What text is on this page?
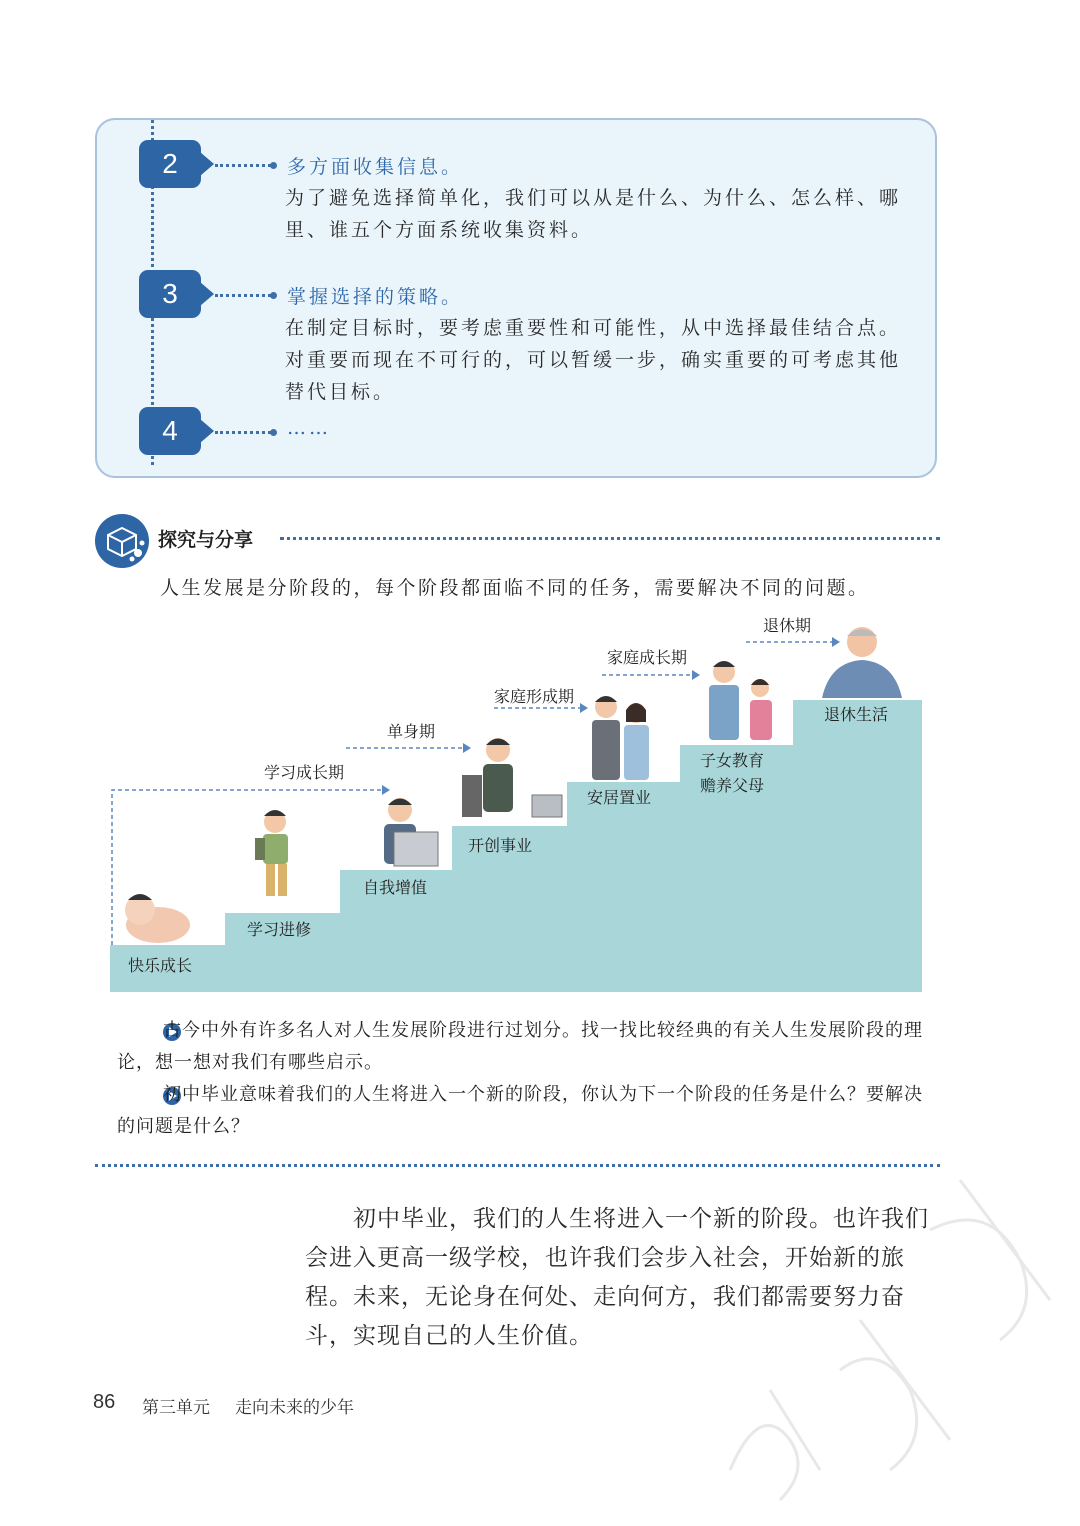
2	多方面收集信息。
为了避免选择简单化，我们可以从是什么、为什么、怎么样、哪里、谁五个方面系统收集资料。
3	掌握选择的策略。
在制定目标时，要考虑重要性和可能性，从中选择最佳结合点。对重要而现在不可行的，可以暂缓一步，确实重要的可考虑其他替代目标。
4	……
探究与分享
人生发展是分阶段的，每个阶段都面临不同的任务，需要解决不同的问题。
学习成长期
单身期
家庭形成期
家庭成长期
退休期
快乐成长
学习进修
自我增值
开创事业
安居置业
子女教育
赡养父母
退休生活
古今中外有许多名人对人生发展阶段进行过划分。找一找比较经典的有关人生发展阶段的理论，想一想对我们有哪些启示。
初中毕业意味着我们的人生将进入一个新的阶段，你认为下一个阶段的任务是什么？要解决的问题是什么？
初中毕业，我们的人生将进入一个新的阶段。也许我们会进入更高一级学校，也许我们会步入社会，开始新的旅程。未来，无论身在何处、走向何方，我们都需要努力奋斗，实现自己的人生价值。
86 第三单元 走向未来的少年
